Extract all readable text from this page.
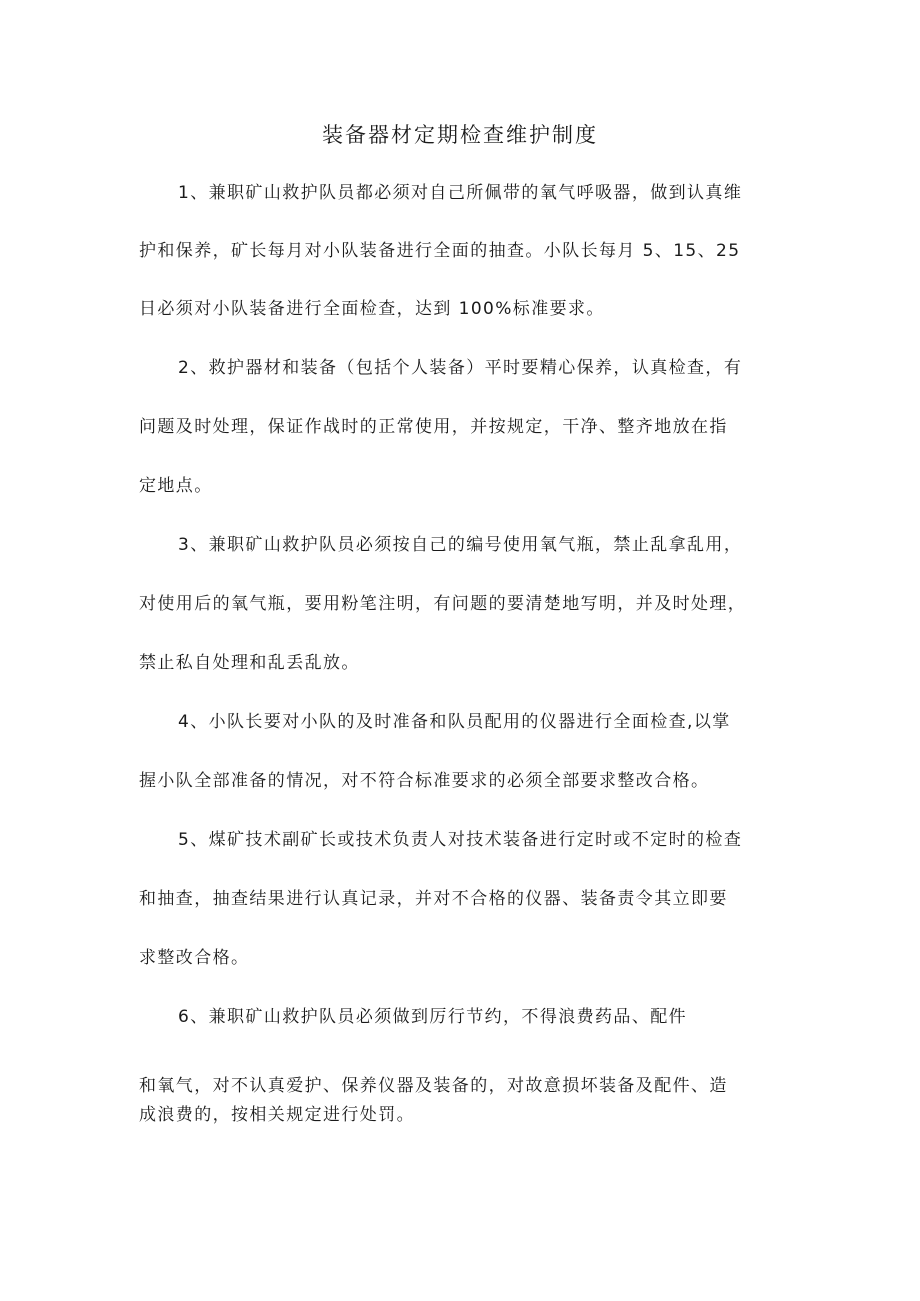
装备器材定期检查维护制度
1、兼职矿山救护队员都必须对自己所佩带的氧气呼吸器，做到认真维
护和保养，矿长每月对小队装备进行全面的抽查。小队长每月 5、15、25
日必须对小队装备进行全面检查，达到 100%标准要求。
2、救护器材和装备（包括个人装备）平时要精心保养，认真检查，有
问题及时处理，保证作战时的正常使用，并按规定，干净、整齐地放在指
定地点。
3、兼职矿山救护队员必须按自己的编号使用氧气瓶，禁止乱拿乱用，
对使用后的氧气瓶，要用粉笔注明，有问题的要清楚地写明，并及时处理，
禁止私自处理和乱丢乱放。
4、小队长要对小队的及时准备和队员配用的仪器进行全面检查,以掌
握小队全部准备的情况，对不符合标准要求的必须全部要求整改合格。
5、煤矿技术副矿长或技术负责人对技术装备进行定时或不定时的检查
和抽查，抽查结果进行认真记录，并对不合格的仪器、装备责令其立即要
求整改合格。
6、兼职矿山救护队员必须做到厉行节约，不得浪费药品、配件
和氧气，对不认真爱护、保养仪器及装备的，对故意损坏装备及配件、造
成浪费的，按相关规定进行处罚。
